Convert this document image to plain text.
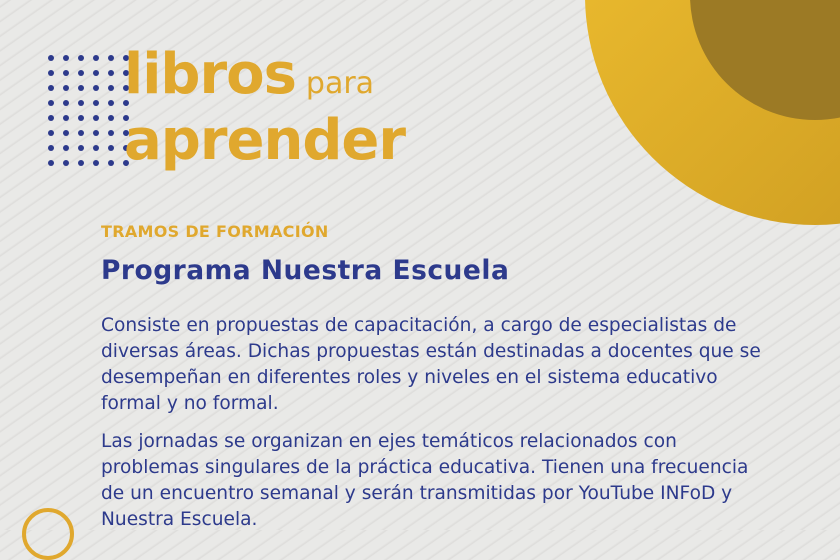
libros para
aprender
TRAMOS DE FORMACIÓN
Programa Nuestra Escuela

Consiste en propuestas de capacitación, a cargo de especialistas de diversas áreas. Dichas propuestas están destinadas a docentes que se desempeñan en diferentes roles y niveles en el sistema educativo formal y no formal.

Las jornadas se organizan en ejes temáticos relacionados con problemas singulares de la práctica educativa. Tienen una frecuencia de un encuentro semanal y serán transmitidas por YouTube INFoD y Nuestra Escuela.
